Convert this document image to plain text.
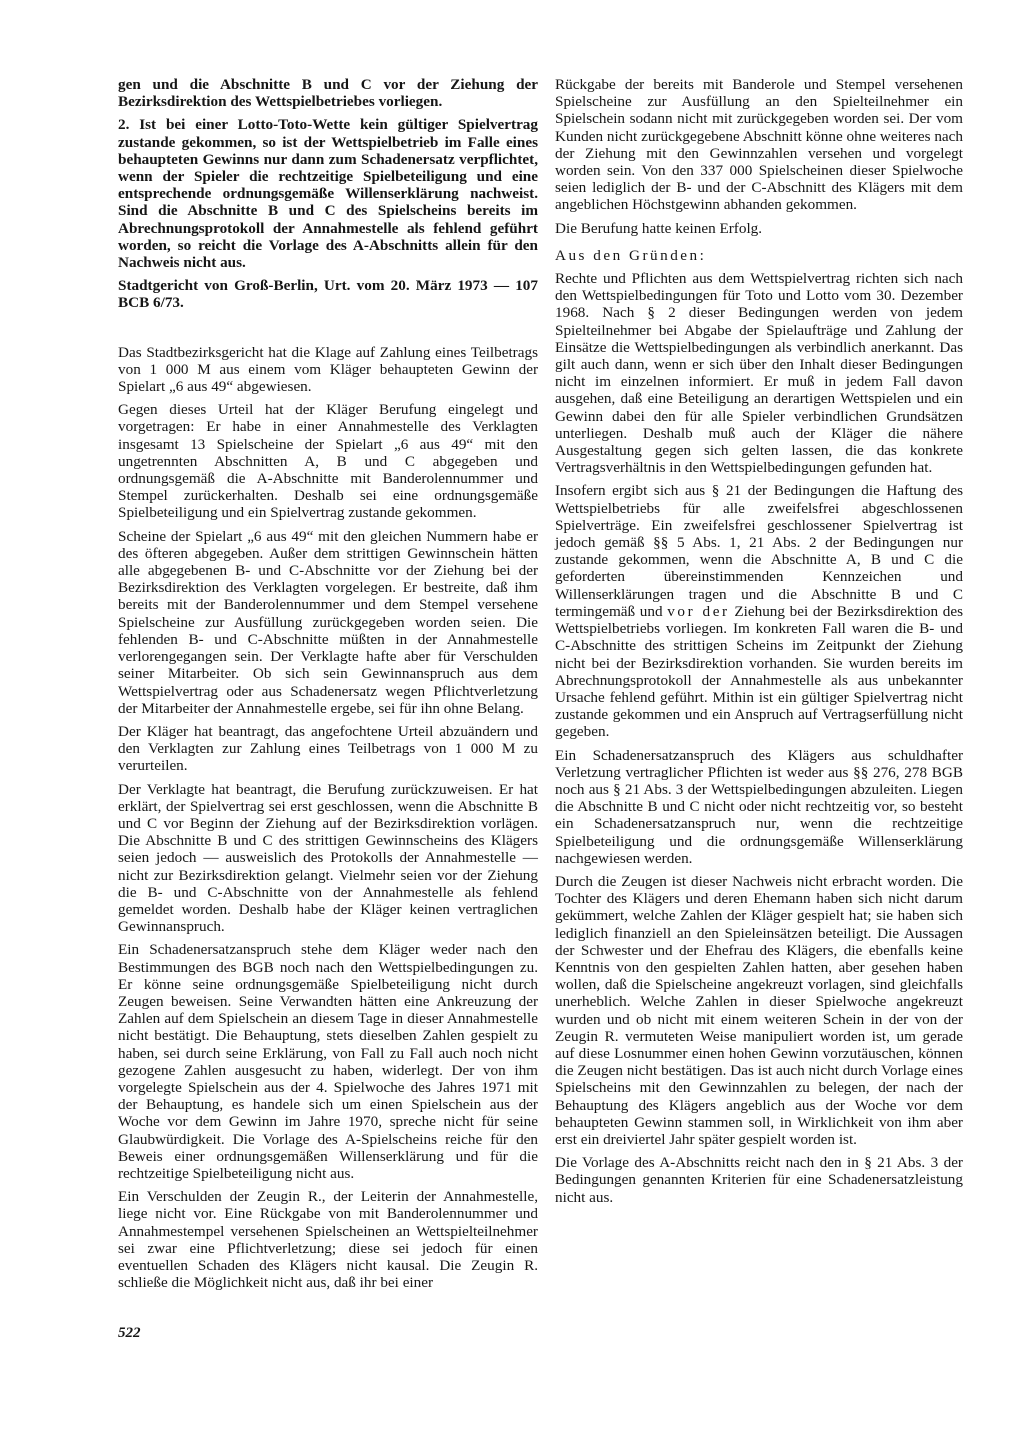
gen und die Abschnitte B und C vor der Ziehung der Bezirksdirektion des Wettspielbetriebes vorliegen.

2. Ist bei einer Lotto-Toto-Wette kein gültiger Spielvertrag zustande gekommen, so ist der Wettspielbetrieb im Falle eines behaupteten Gewinns nur dann zum Schadenersatz verpflichtet, wenn der Spieler die rechtzeitige Spielbeteiligung und eine entsprechende ordnungsgemäße Willenserklärung nachweist. Sind die Abschnitte B und C des Spielscheins bereits im Abrechnungsprotokoll der Annahmestelle als fehlend geführt worden, so reicht die Vorlage des A-Abschnitts allein für den Nachweis nicht aus.

Stadtgericht von Groß-Berlin, Urt. vom 20. März 1973 — 107 BCB 6/73.

Das Stadtbezirksgericht hat die Klage auf Zahlung eines Teilbetrags von 1 000 M aus einem vom Kläger behaupteten Gewinn der Spielart „6 aus 49“ abgewiesen.

Gegen dieses Urteil hat der Kläger Berufung eingelegt und vorgetragen: Er habe in einer Annahmestelle des Verklagten insgesamt 13 Spielscheine der Spielart „6 aus 49“ mit den ungetrennten Abschnitten A, B und C abgegeben und ordnungsgemäß die A-Abschnitte mit Banderolennummer und Stempel zurückerhalten. Deshalb sei eine ordnungsgemäße Spielbeteiligung und ein Spielvertrag zustande gekommen.

Scheine der Spielart „6 aus 49“ mit den gleichen Nummern habe er des öfteren abgegeben. Außer dem strittigen Gewinnschein hätten alle abgegebenen B- und C-Abschnitte vor der Ziehung bei der Bezirksdirektion des Verklagten vorgelegen. Er bestreite, daß ihm bereits mit der Banderolennummer und dem Stempel versehene Spielscheine zur Ausfüllung zurückgegeben worden seien. Die fehlenden B- und C-Abschnitte müßten in der Annahmestelle verlorengegangen sein. Der Verklagte hafte aber für Verschulden seiner Mitarbeiter. Ob sich sein Gewinnanspruch aus dem Wettspielvertrag oder aus Schadenersatz wegen Pflichtverletzung der Mitarbeiter der Annahmestelle ergebe, sei für ihn ohne Belang.

Der Kläger hat beantragt, das angefochtene Urteil abzuändern und den Verklagten zur Zahlung eines Teilbetrags von 1 000 M zu verurteilen.

Der Verklagte hat beantragt, die Berufung zurückzuweisen. Er hat erklärt, der Spielvertrag sei erst geschlossen, wenn die Abschnitte B und C vor Beginn der Ziehung auf der Bezirksdirektion vorlägen. Die Abschnitte B und C des strittigen Gewinnscheins des Klägers seien jedoch — ausweislich des Protokolls der Annahmestelle — nicht zur Bezirksdirektion gelangt. Vielmehr seien vor der Ziehung die B- und C-Abschnitte von der Annahmestelle als fehlend gemeldet worden. Deshalb habe der Kläger keinen vertraglichen Gewinnanspruch.

Ein Schadenersatzanspruch stehe dem Kläger weder nach den Bestimmungen des BGB noch nach den Wettspielbedingungen zu. Er könne seine ordnungsgemäße Spielbeteiligung nicht durch Zeugen beweisen. Seine Verwandten hätten eine Ankreuzung der Zahlen auf dem Spielschein an diesem Tage in dieser Annahmestelle nicht bestätigt. Die Behauptung, stets dieselben Zahlen gespielt zu haben, sei durch seine Erklärung, von Fall zu Fall auch noch nicht gezogene Zahlen ausgesucht zu haben, widerlegt. Der von ihm vorgelegte Spielschein aus der 4. Spielwoche des Jahres 1971 mit der Behauptung, es handele sich um einen Spielschein aus der Woche vor dem Gewinn im Jahre 1970, spreche nicht für seine Glaubwürdigkeit. Die Vorlage des A-Spielscheins reiche für den Beweis einer ordnungsgemäßen Willenserklärung und für die rechtzeitige Spielbeteiligung nicht aus.

Ein Verschulden der Zeugin R., der Leiterin der Annahmestelle, liege nicht vor. Eine Rückgabe von mit Banderolennummer und Annahmestempel versehenen Spielscheinen an Wettspielteilnehmer sei zwar eine Pflichtverletzung; diese sei jedoch für einen eventuellen Schaden des Klägers nicht kausal. Die Zeugin R. schließe die Möglichkeit nicht aus, daß ihr bei einer

Rückgabe der bereits mit Banderole und Stempel versehenen Spielscheine zur Ausfüllung an den Spielteilnehmer ein Spielschein sodann nicht mit zurückgegeben worden sei. Der vom Kunden nicht zurückgegebene Abschnitt könne ohne weiteres nach der Ziehung mit den Gewinnzahlen versehen und vorgelegt worden sein. Von den 337 000 Spielscheinen dieser Spielwoche seien lediglich der B- und der C-Abschnitt des Klägers mit dem angeblichen Höchstgewinn abhanden gekommen.

Die Berufung hatte keinen Erfolg.

Aus den Gründen:

Rechte und Pflichten aus dem Wettspielvertrag richten sich nach den Wettspielbedingungen für Toto und Lotto vom 30. Dezember 1968. Nach § 2 dieser Bedingungen werden von jedem Spielteilnehmer bei Abgabe der Spielaufträge und Zahlung der Einsätze die Wettspielbedingungen als verbindlich anerkannt. Das gilt auch dann, wenn er sich über den Inhalt dieser Bedingungen nicht im einzelnen informiert. Er muß in jedem Fall davon ausgehen, daß eine Beteiligung an derartigen Wettspielen und ein Gewinn dabei den für alle Spieler verbindlichen Grundsätzen unterliegen. Deshalb muß auch der Kläger die nähere Ausgestaltung gegen sich gelten lassen, die das konkrete Vertragsverhältnis in den Wettspielbedingungen gefunden hat.

Insofern ergibt sich aus § 21 der Bedingungen die Haftung des Wettspielbetriebs für alle zweifelsfrei abgeschlossenen Spielverträge. Ein zweifelsfrei geschlossener Spielvertrag ist jedoch gemäß §§ 5 Abs. 1, 21 Abs. 2 der Bedingungen nur zustande gekommen, wenn die Abschnitte A, B und C die geforderten übereinstimmenden Kennzeichen und Willenserklärungen tragen und die Abschnitte B und C termingemäß und vor der Ziehung bei der Bezirksdirektion des Wettspielbetriebs vorliegen. Im konkreten Fall waren die B- und C-Abschnitte des strittigen Scheins im Zeitpunkt der Ziehung nicht bei der Bezirksdirektion vorhanden. Sie wurden bereits im Abrechnungsprotokoll der Annahmestelle als aus unbekannter Ursache fehlend geführt. Mithin ist ein gültiger Spielvertrag nicht zustande gekommen und ein Anspruch auf Vertragserfüllung nicht gegeben.

Ein Schadenersatzanspruch des Klägers aus schuldhafter Verletzung vertraglicher Pflichten ist weder aus §§ 276, 278 BGB noch aus § 21 Abs. 3 der Wettspielbedingungen abzuleiten. Liegen die Abschnitte B und C nicht oder nicht rechtzeitig vor, so besteht ein Schadenersatzanspruch nur, wenn die rechtzeitige Spielbeteiligung und die ordnungsgemäße Willenserklärung nachgewiesen werden.

Durch die Zeugen ist dieser Nachweis nicht erbracht worden. Die Tochter des Klägers und deren Ehemann haben sich nicht darum gekümmert, welche Zahlen der Kläger gespielt hat; sie haben sich lediglich finanziell an den Spieleinsätzen beteiligt. Die Aussagen der Schwester und der Ehefrau des Klägers, die ebenfalls keine Kenntnis von den gespielten Zahlen hatten, aber gesehen haben wollen, daß die Spielscheine angekreuzt vorlagen, sind gleichfalls unerheblich. Welche Zahlen in dieser Spielwoche angekreuzt wurden und ob nicht mit einem weiteren Schein in der von der Zeugin R. vermuteten Weise manipuliert worden ist, um gerade auf diese Losnummer einen hohen Gewinn vorzutäuschen, können die Zeugen nicht bestätigen. Das ist auch nicht durch Vorlage eines Spielscheins mit den Gewinnzahlen zu belegen, der nach der Behauptung des Klägers angeblich aus der Woche vor dem behaupteten Gewinn stammen soll, in Wirklichkeit von ihm aber erst ein dreiviertel Jahr später gespielt worden ist.

Die Vorlage des A-Abschnitts reicht nach den in § 21 Abs. 3 der Bedingungen genannten Kriterien für eine Schadenersatzleistung nicht aus.

522
